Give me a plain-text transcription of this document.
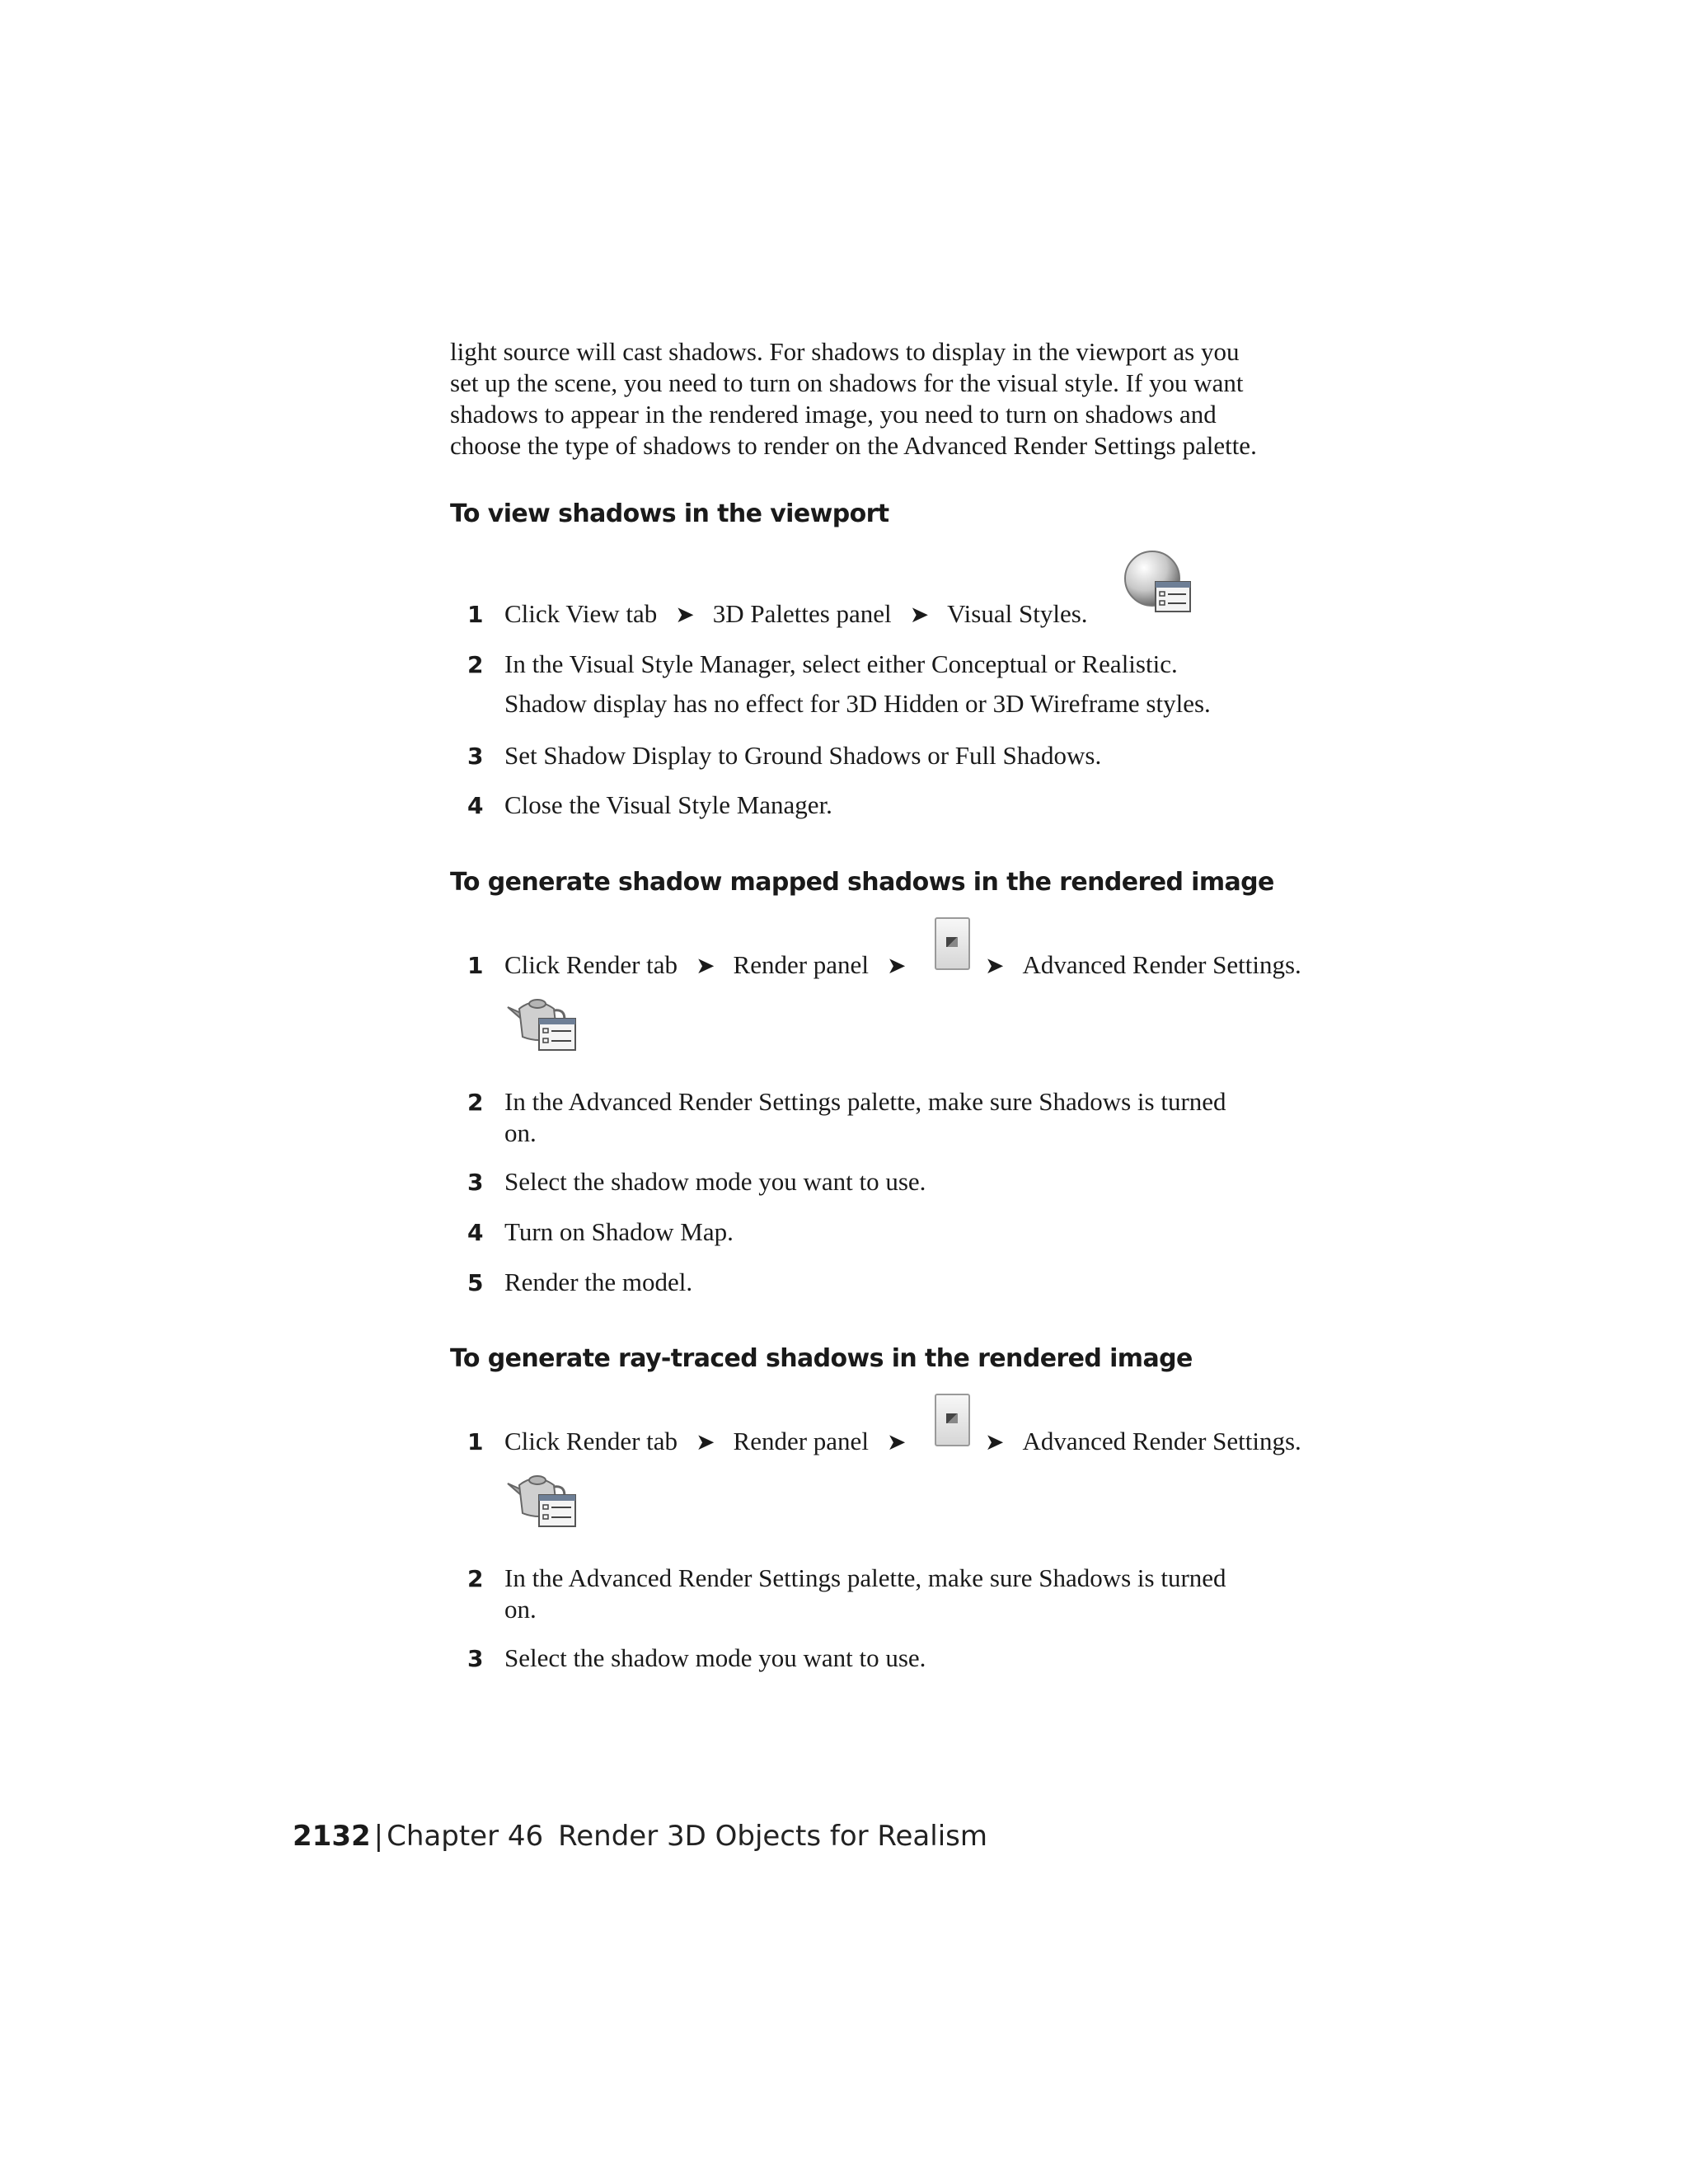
light source will cast shadows. For shadows to display in the viewport as you
set up the scene, you need to turn on shadows for the visual style. If you want
shadows to appear in the rendered image, you need to turn on shadows and
choose the type of shadows to render on the Advanced Render Settings palette.
To view shadows in the viewport
1 Click View tab ➤ 3D Palettes panel ➤ Visual Styles.
2 In the Visual Style Manager, select either Conceptual or Realistic.
Shadow display has no effect for 3D Hidden or 3D Wireframe styles.
3 Set Shadow Display to Ground Shadows or Full Shadows.
4 Close the Visual Style Manager.
To generate shadow mapped shadows in the rendered image
1 Click Render tab ➤ Render panel ➤	➤ Advanced Render Settings.
2 In the Advanced Render Settings palette, make sure Shadows is turned
on.
3 Select the shadow mode you want to use.
4 Turn on Shadow Map.
5 Render the model.
To generate ray-traced shadows in the rendered image
1 Click Render tab ➤ Render panel ➤	➤ Advanced Render Settings.
2 In the Advanced Render Settings palette, make sure Shadows is turned
on.
3 Select the shadow mode you want to use.
2132 | Chapter 46 Render 3D Objects for Realism
